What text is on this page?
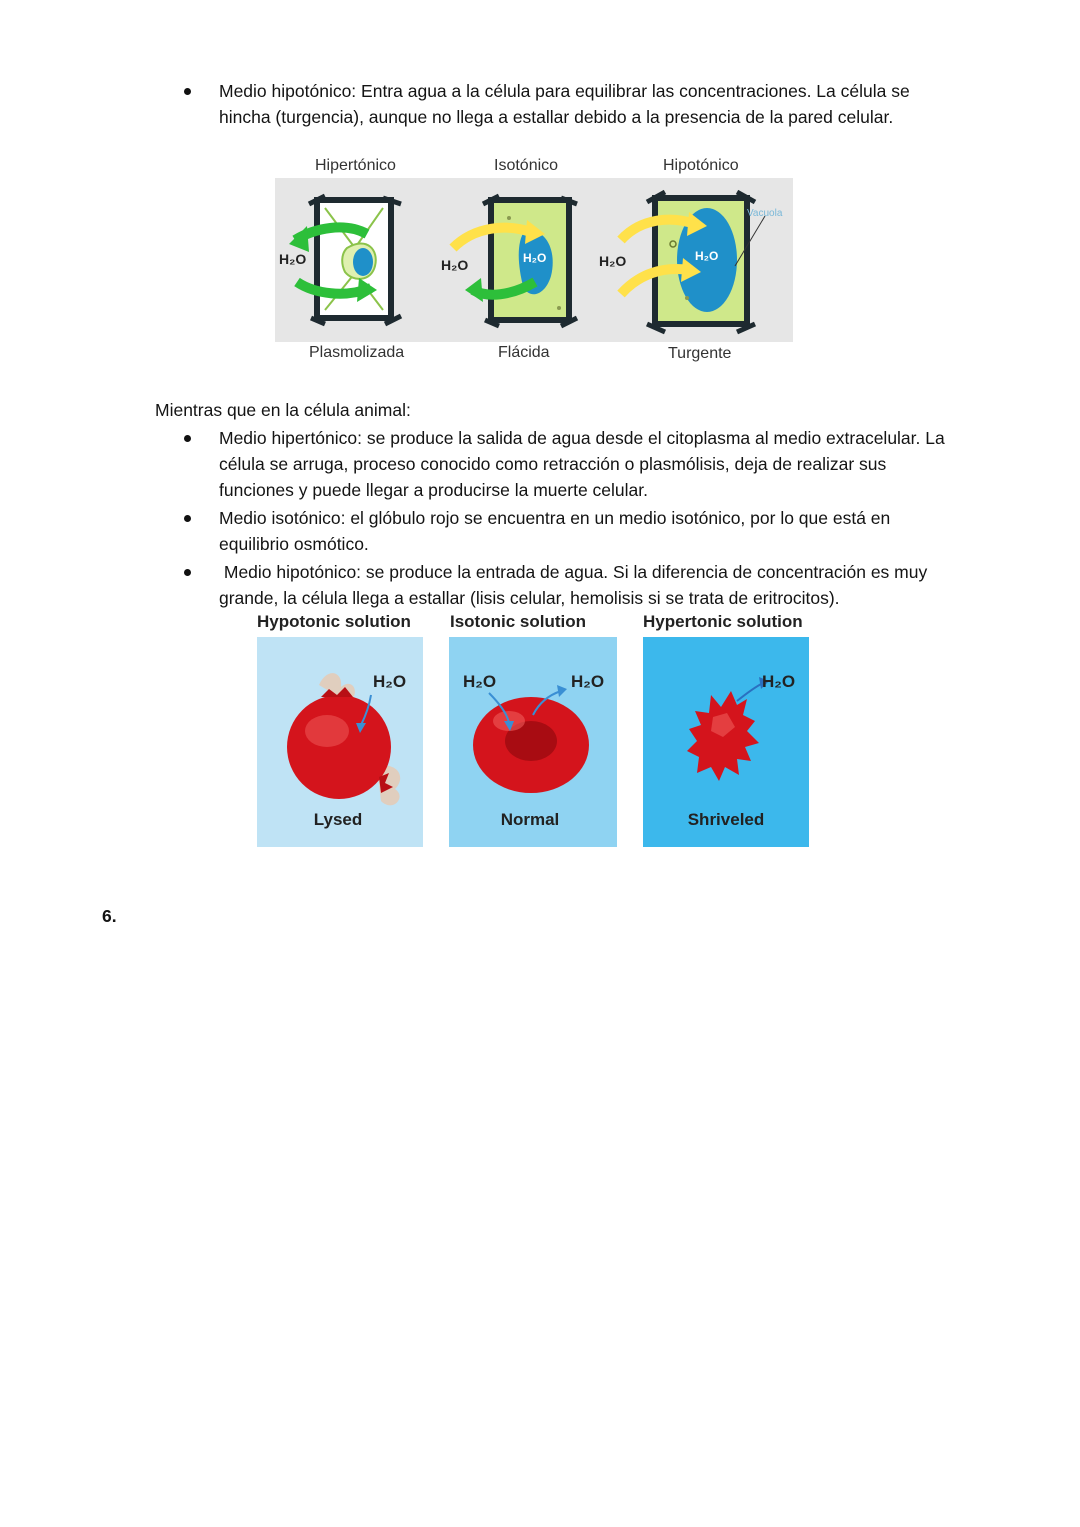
Medio hipotónico: Entra agua a la célula para equilibrar las concentraciones. La célula se
hincha (turgencia), aunque no llega a estallar debido a la presencia de la pared celular.
Hipertónico	Isotónico	Hipotónico
H₂O	H₂O	H₂O	H₂O	H₂O
Vacuola
Plasmolizada	Flácida	Turgente
Mientras que en la célula animal:
Medio hipertónico: se produce la salida de agua desde el citoplasma al medio extracelular. La
célula se arruga, proceso conocido como retracción o plasmólisis, deja de realizar sus
funciones y puede llegar a producirse la muerte celular.
Medio isotónico: el glóbulo rojo se encuentra en un medio isotónico, por lo que está en
equilibrio osmótico.
Medio hipotónico: se produce la entrada de agua. Si la diferencia de concentración es muy
grande, la célula llega a estallar (lisis celular, hemolisis si se trata de eritrocitos).
Hypotonic solution Isotonic solution	Hypertonic solution
H₂O
Lysed
H₂O	H₂O
Normal
H₂O
Shriveled
6.
